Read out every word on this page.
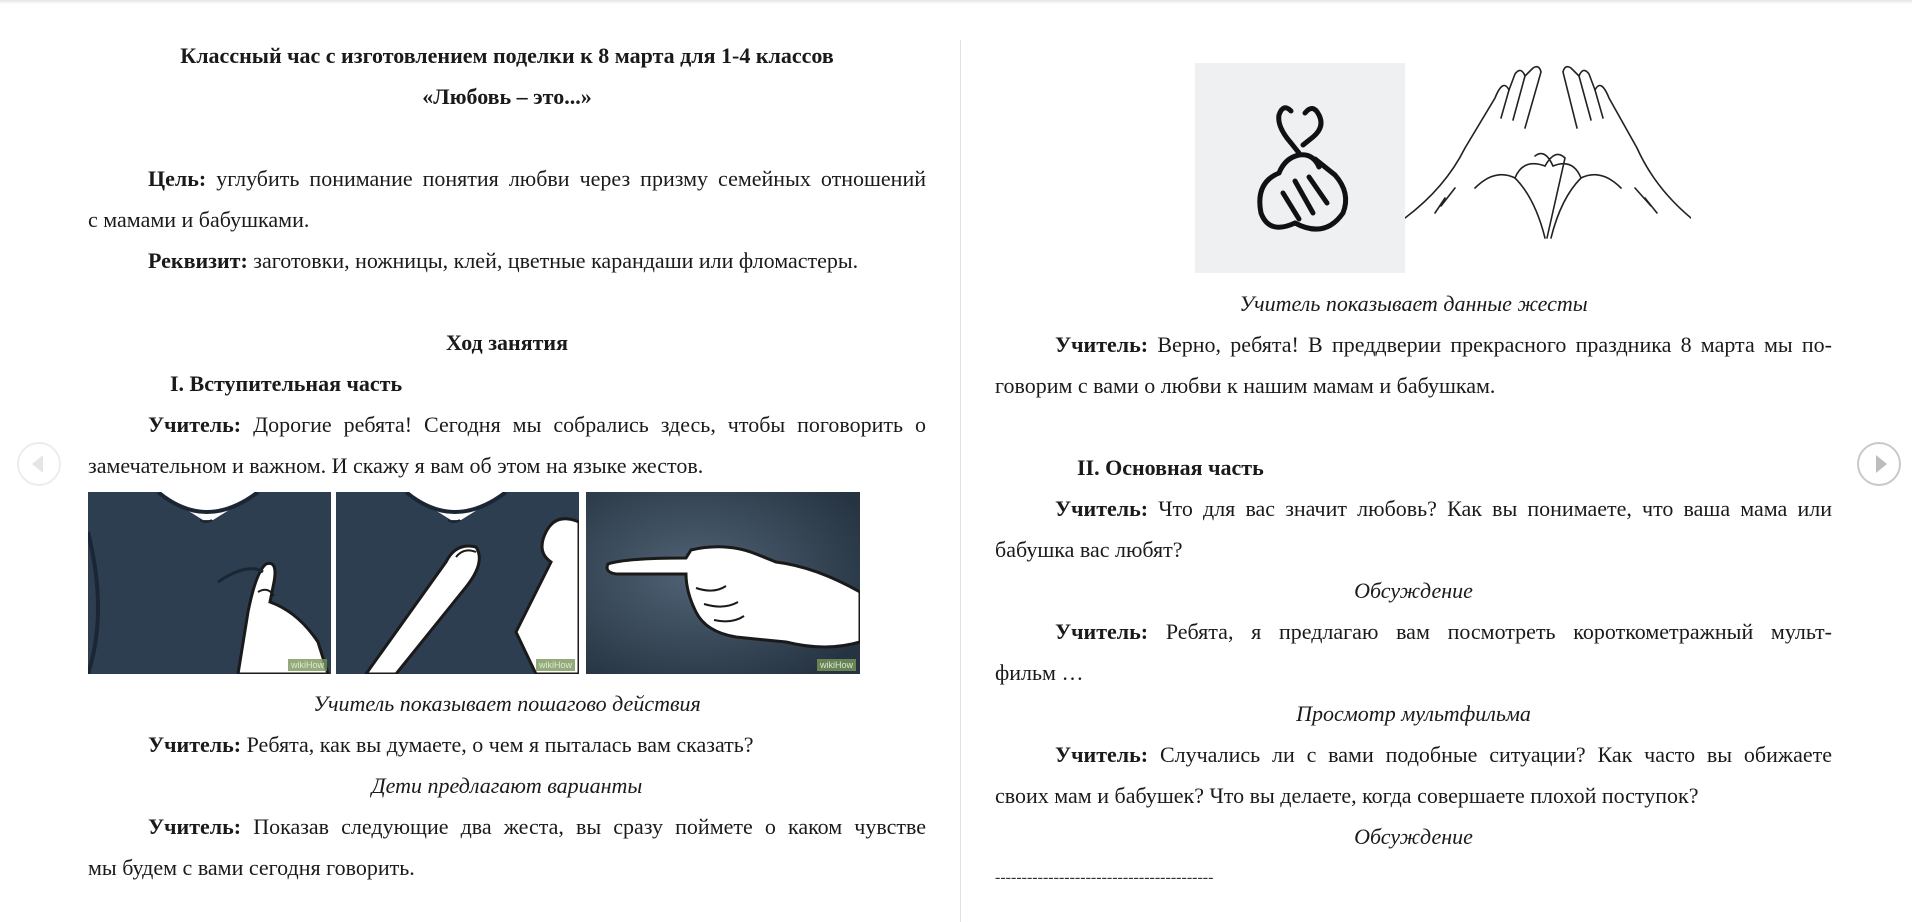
Классный час с изготовлением поделки к 8 марта для 1-4 классов
«Любовь – это...»
Цель: углубить понимание понятия любви через призму семейных отношений
с мамами и бабушками.
Реквизит: заготовки, ножницы, клей, цветные карандаши или фломастеры.
Ход занятия
I. Вступительная часть
Учитель: Дорогие ребята! Сегодня мы собрались здесь, чтобы поговорить о
замечательном и важном. И скажу я вам об этом на языке жестов.
wikiHow	wikiHow	wikiHow
Учитель показывает пошагово действия
Учитель: Ребята, как вы думаете, о чем я пыталась вам сказать?
Дети предлагают варианты
Учитель: Показав следующие два жеста, вы сразу поймете о каком чувстве
мы будем с вами сегодня говорить.
Учитель показывает данные жесты
Учитель: Верно, ребята! В преддверии прекрасного праздника 8 марта мы по-
говорим с вами о любви к нашим мамам и бабушкам.
II. Основная часть
Учитель: Что для вас значит любовь? Как вы понимаете, что ваша мама или
бабушка вас любят?
Обсуждение
Учитель: Ребята, я предлагаю вам посмотреть короткометражный мульт-
фильм …
Просмотр мультфильма
Учитель: Случались ли с вами подобные ситуации? Как часто вы обижаете
своих мам и бабушек? Что вы делаете, когда совершаете плохой поступок?
Обсуждение
-----------------------------------------
